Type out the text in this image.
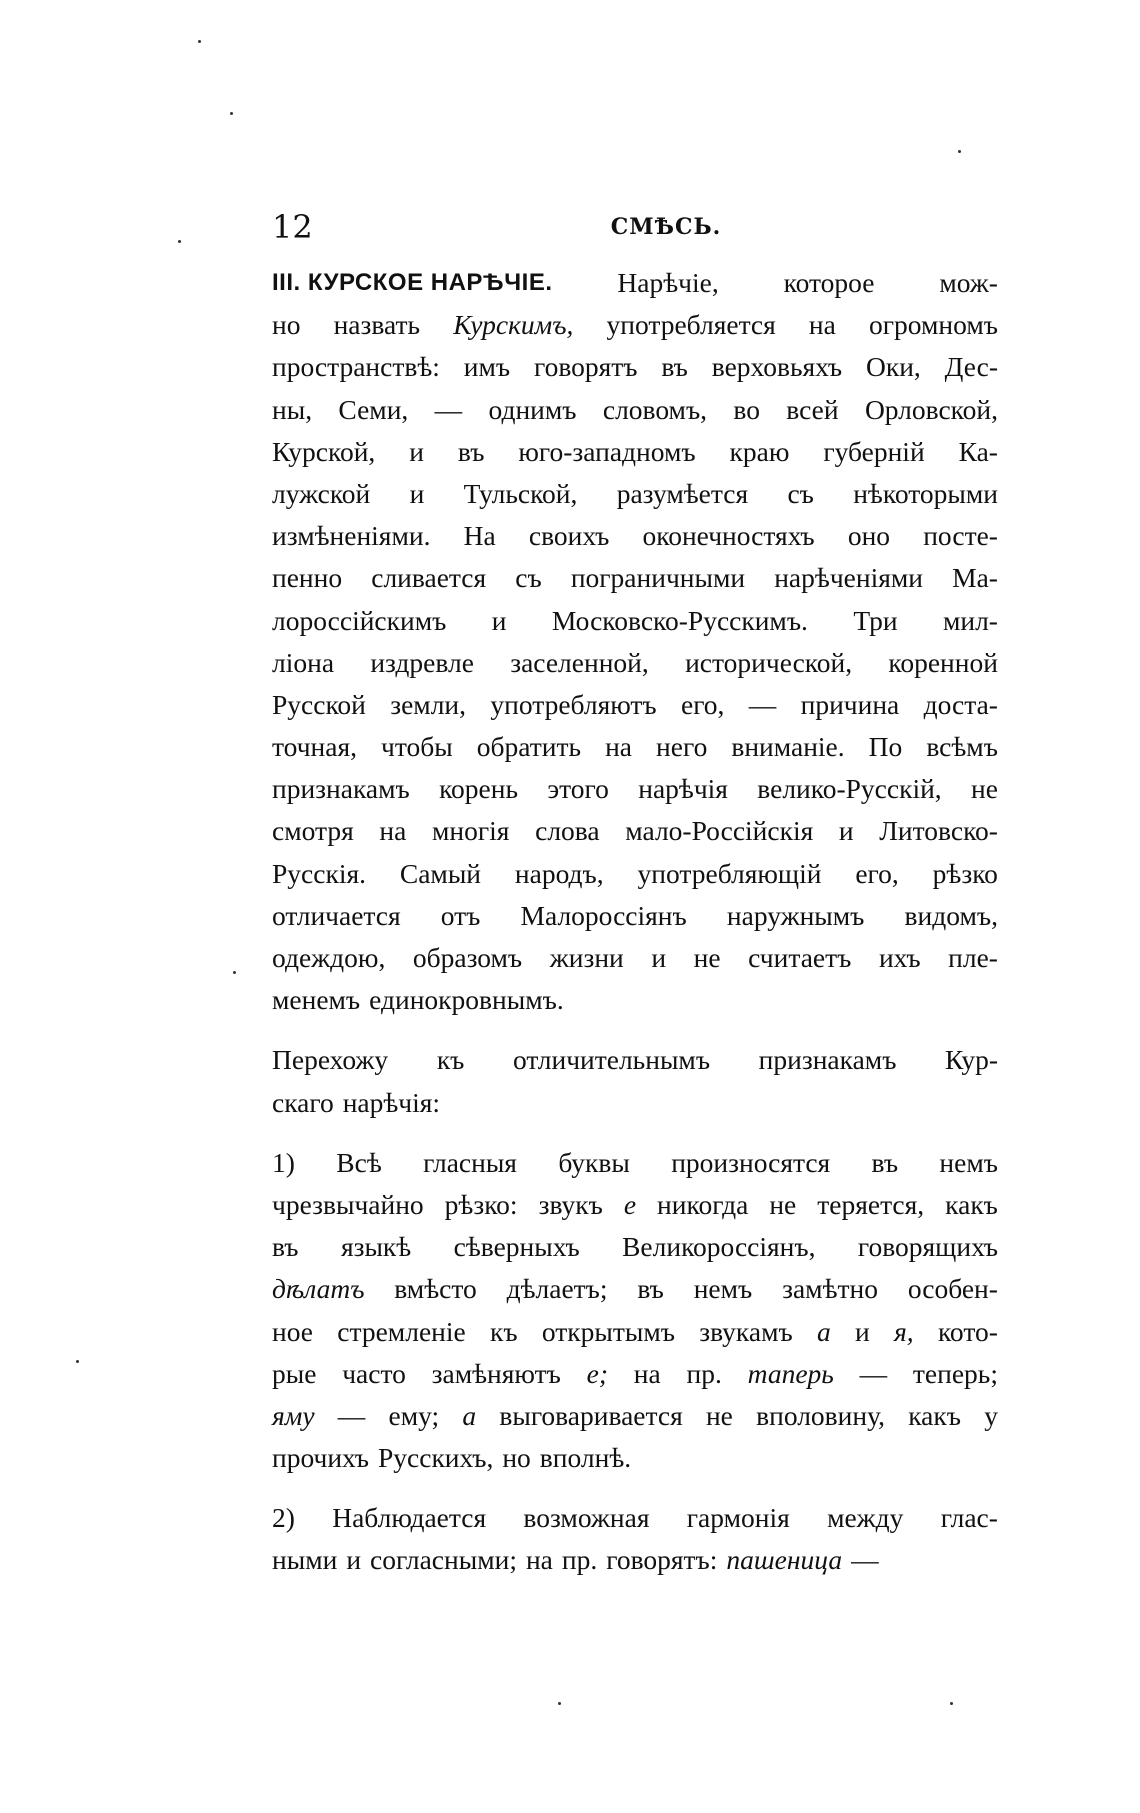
12	СМѢСЬ.
III. КУРСКОЕ НАРѢЧІЕ. Нарѣчіе, которое мож-
но назвать Курскимъ, употребляется на огромномъ
пространствѣ: имъ говорятъ въ верховьяхъ Оки, Дес-
ны, Семи, — однимъ словомъ, во всей Орловской,
Курской, и въ юго-западномъ краю губерній Ка-
лужской и Тульской, разумѣется съ нѣкоторыми
измѣненіями. На своихъ оконечностяхъ оно посте-
пенно сливается съ пограничными нарѣченіями Ма-
лороссійскимъ и Московско-Русскимъ. Три мил-
ліона издревле заселенной, исторической, коренной
Русской земли, употребляютъ его, — причина доста-
точная, чтобы обратить на него вниманіе. По всѣмъ
признакамъ корень этого нарѣчія велико-Русскій, не
смотря на многія слова мало-Россійскія и Литовско-
Русскія. Самый народъ, употребляющій его, рѣзко
отличается отъ Малороссіянъ наружнымъ видомъ,
одеждою, образомъ жизни и не считаетъ ихъ пле-
менемъ единокровнымъ.
Перехожу къ отличительнымъ признакамъ Кур-
скаго нарѣчія:
1) Всѣ гласныя буквы произносятся въ немъ
чрезвычайно рѣзко: звукъ е никогда не теряется, какъ
въ языкѣ сѣверныхъ Великороссіянъ, говорящихъ
дѣлатъ вмѣсто дѣлаетъ; въ немъ замѣтно особен-
ное стремленіе къ открытымъ звукамъ а и я, кото-
рые часто замѣняютъ е; на пр. таперь — теперь;
яму — ему; а выговаривается не вполовину, какъ у
прочихъ Русскихъ, но вполнѣ.
2) Наблюдается возможная гармонія между глас-
ными и согласными; на пр. говорятъ: пашеница —
